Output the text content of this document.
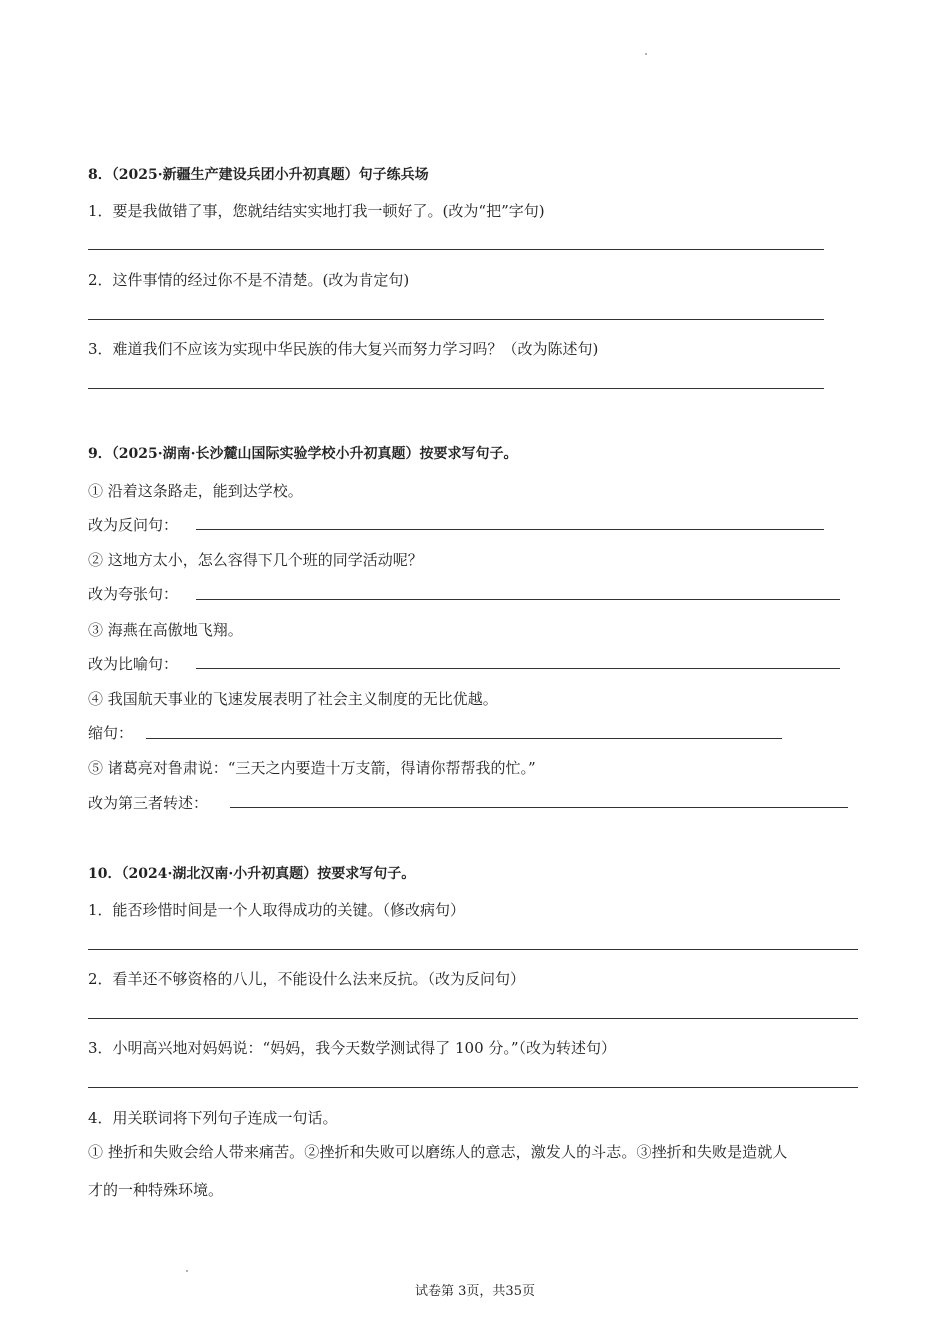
8．（2025·新疆生产建设兵团小升初真题）句子练兵场
1．要是我做错了事，您就结结实实地打我一顿好了。(改为“把”字句)
2．这件事情的经过你不是不清楚。(改为肯定句)
3．难道我们不应该为实现中华民族的伟大复兴而努力学习吗？（改为陈述句)
9．（2025·湖南·长沙麓山国际实验学校小升初真题）按要求写句子。
① 沿着这条路走，能到达学校。
改为反问句：
② 这地方太小，怎么容得下几个班的同学活动呢？
改为夸张句：
③ 海燕在高傲地飞翔。
改为比喻句：
④ 我国航天事业的飞速发展表明了社会主义制度的无比优越。
缩句：
⑤ 诸葛亮对鲁肃说：“三天之内要造十万支箭，得请你帮帮我的忙。”
改为第三者转述：
10．（2024·湖北汉南·小升初真题）按要求写句子。
1．能否珍惜时间是一个人取得成功的关键。（修改病句）
2．看羊还不够资格的八儿，不能设什么法来反抗。（改为反问句）
3．小明高兴地对妈妈说：“妈妈，我今天数学测试得了 100 分。”（改为转述句）
4．用关联词将下列句子连成一句话。
① 挫折和失败会给人带来痛苦。②挫折和失败可以磨练人的意志，激发人的斗志。③挫折和失败是造就人
才的一种特殊环境。
试卷第 3页，共35页
